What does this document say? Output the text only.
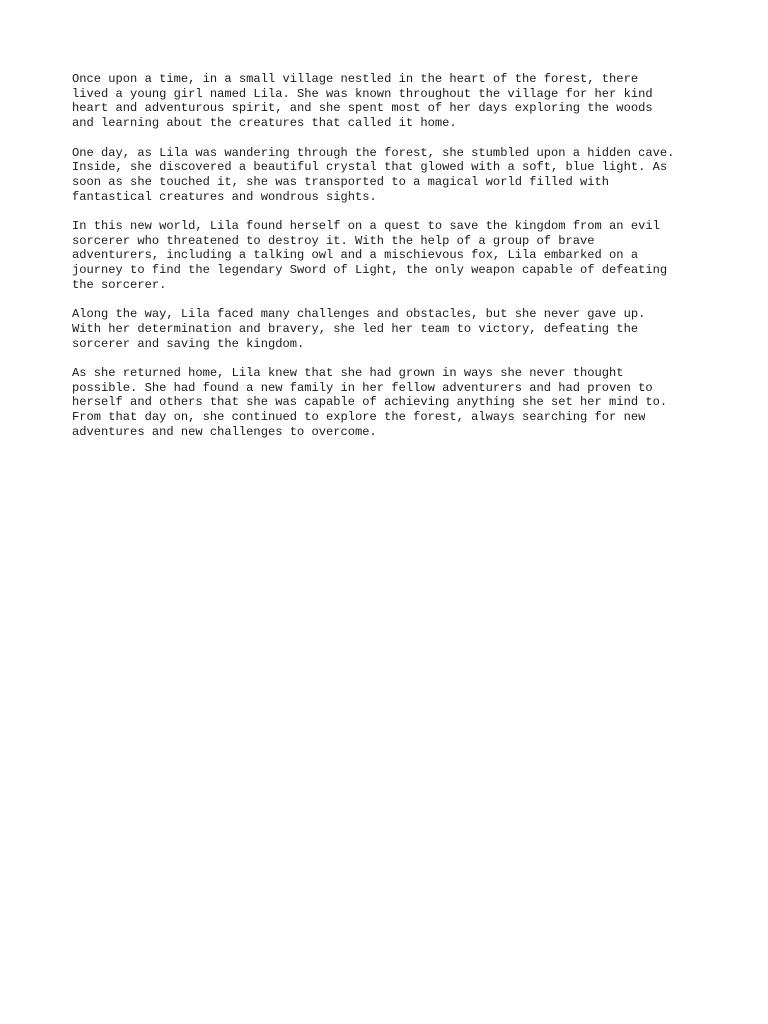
Once upon a time, in a small village nestled in the heart of the forest, there
lived a young girl named Lila. She was known throughout the village for her kind
heart and adventurous spirit, and she spent most of her days exploring the woods
and learning about the creatures that called it home.
One day, as Lila was wandering through the forest, she stumbled upon a hidden cave.
Inside, she discovered a beautiful crystal that glowed with a soft, blue light. As
soon as she touched it, she was transported to a magical world filled with
fantastical creatures and wondrous sights.
In this new world, Lila found herself on a quest to save the kingdom from an evil
sorcerer who threatened to destroy it. With the help of a group of brave
adventurers, including a talking owl and a mischievous fox, Lila embarked on a
journey to find the legendary Sword of Light, the only weapon capable of defeating
the sorcerer.
Along the way, Lila faced many challenges and obstacles, but she never gave up.
With her determination and bravery, she led her team to victory, defeating the
sorcerer and saving the kingdom.
As she returned home, Lila knew that she had grown in ways she never thought
possible. She had found a new family in her fellow adventurers and had proven to
herself and others that she was capable of achieving anything she set her mind to.
From that day on, she continued to explore the forest, always searching for new
adventures and new challenges to overcome.
